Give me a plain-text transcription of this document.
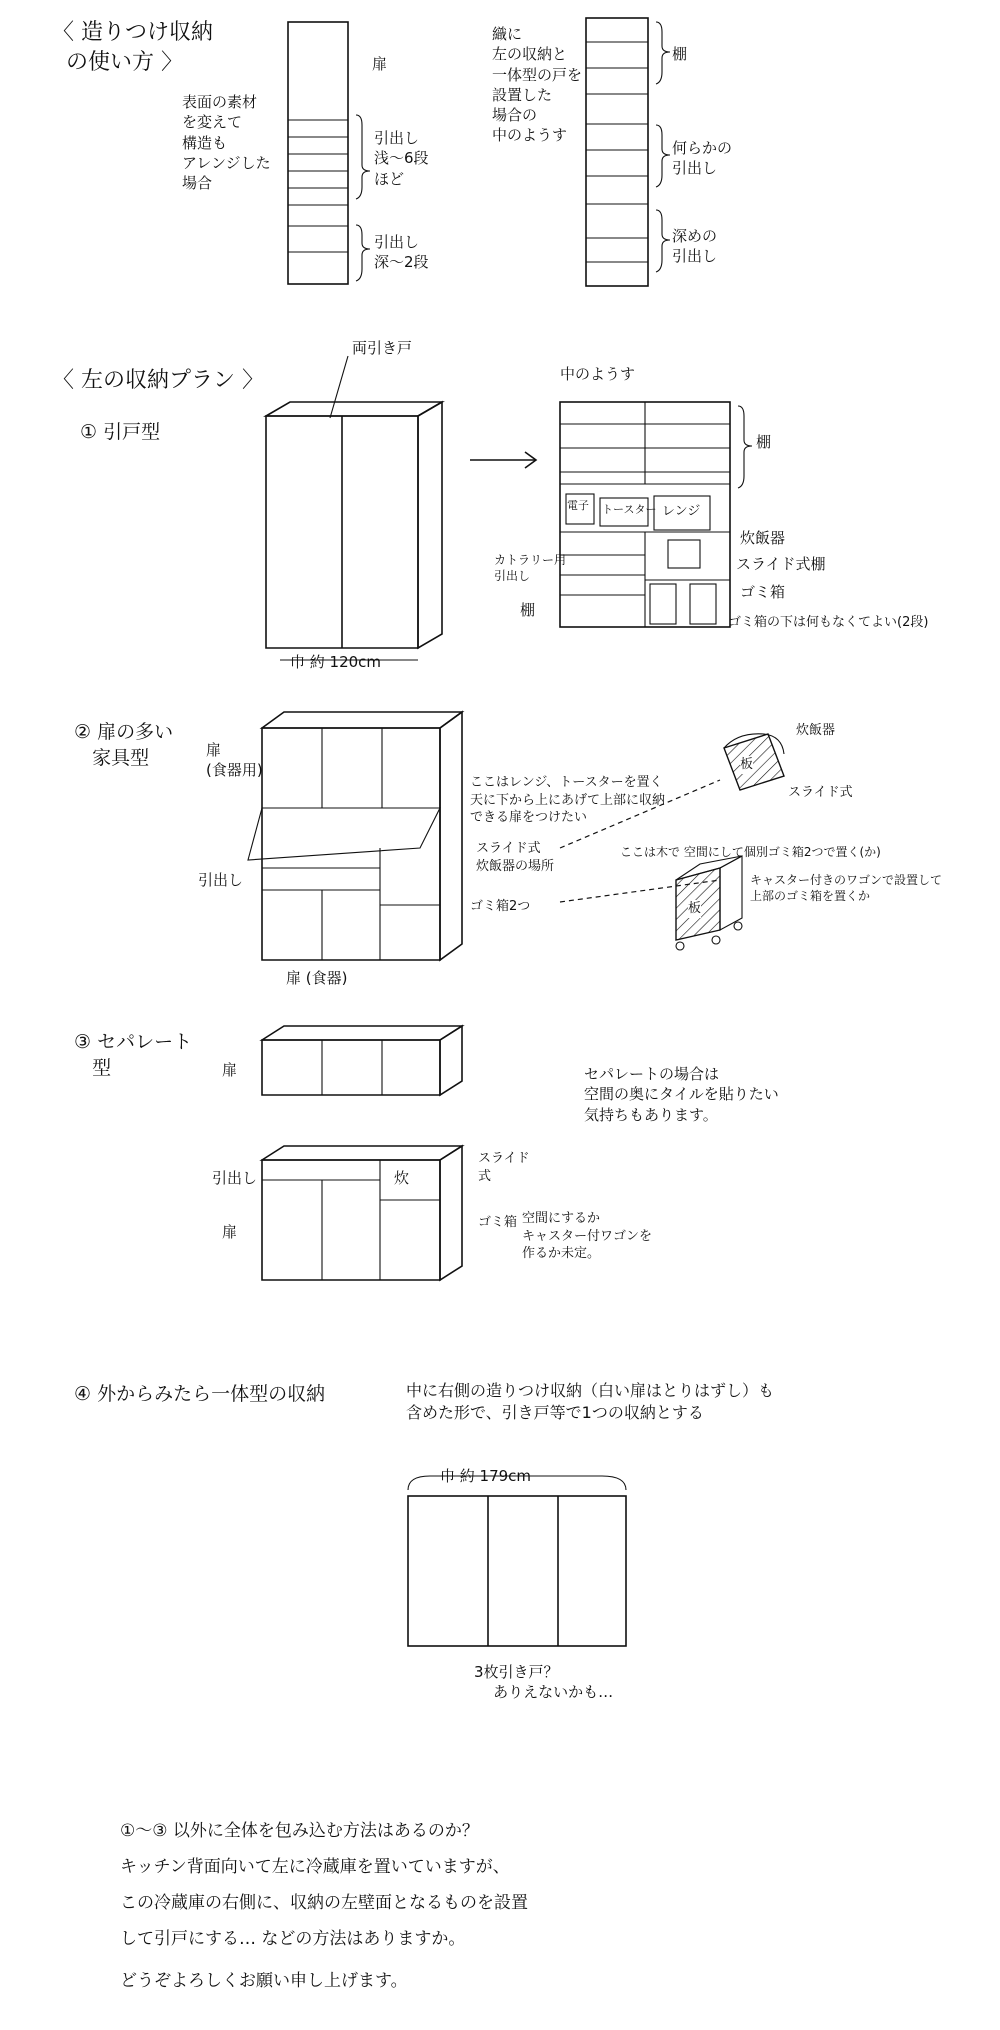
〈 造りつけ収納
の使い方 〉
表面の素材
を変えて
構造も
アレンジした
場合
扉
引出し
浅～6段
ほど
引出し
深～2段
織に
左の収納と
一体型の戸を
設置した
場合の
中のようす
棚
何らかの
引出し
深めの
引出し
〈 左の収納プラン 〉
① 引戸型
両引き戸
巾 約 120cm
中のようす
棚
電子 トースター レンジ
炊飯器
スライド式棚
ゴミ箱
ゴミ箱の下は何もなくてよい(2段)
カトラリー用
引出し
棚
② 扉の多い
家具型	扉
(食器用)
ここはレンジ、トースターを置く
天に下から上にあげて上部に収納
できる扉をつけたい
スライド式
炊飯器の場所
ゴミ箱2つ
引出し
扉 (食器)
炊飯器
スライド式
ここは木で 空間にして個別ゴミ箱2つで置く(か)
キャスター付きのワゴンで設置して
上部のゴミ箱を置くか
板
板
③ セパレート
型	扉	セパレートの場合は
空間の奥にタイルを貼りたい
気持ちもあります。
引出し
扉
炊
スライド
式
ゴミ箱 空間にするか
キャスター付ワゴンを
作るか未定。
④ 外からみたら一体型の収納	中に右側の造りつけ収納（白い扉はとりはずし）も
含めた形で、引き戸等で1つの収納とする
巾 約 179cm
3枚引き戸？
ありえないかも…
①～③ 以外に全体を包み込む方法はあるのか？
キッチン背面向いて左に冷蔵庫を置いていますが、
この冷蔵庫の右側に、収納の左壁面となるものを設置
して引戸にする… などの方法はありますか。
どうぞよろしくお願い申し上げます。
